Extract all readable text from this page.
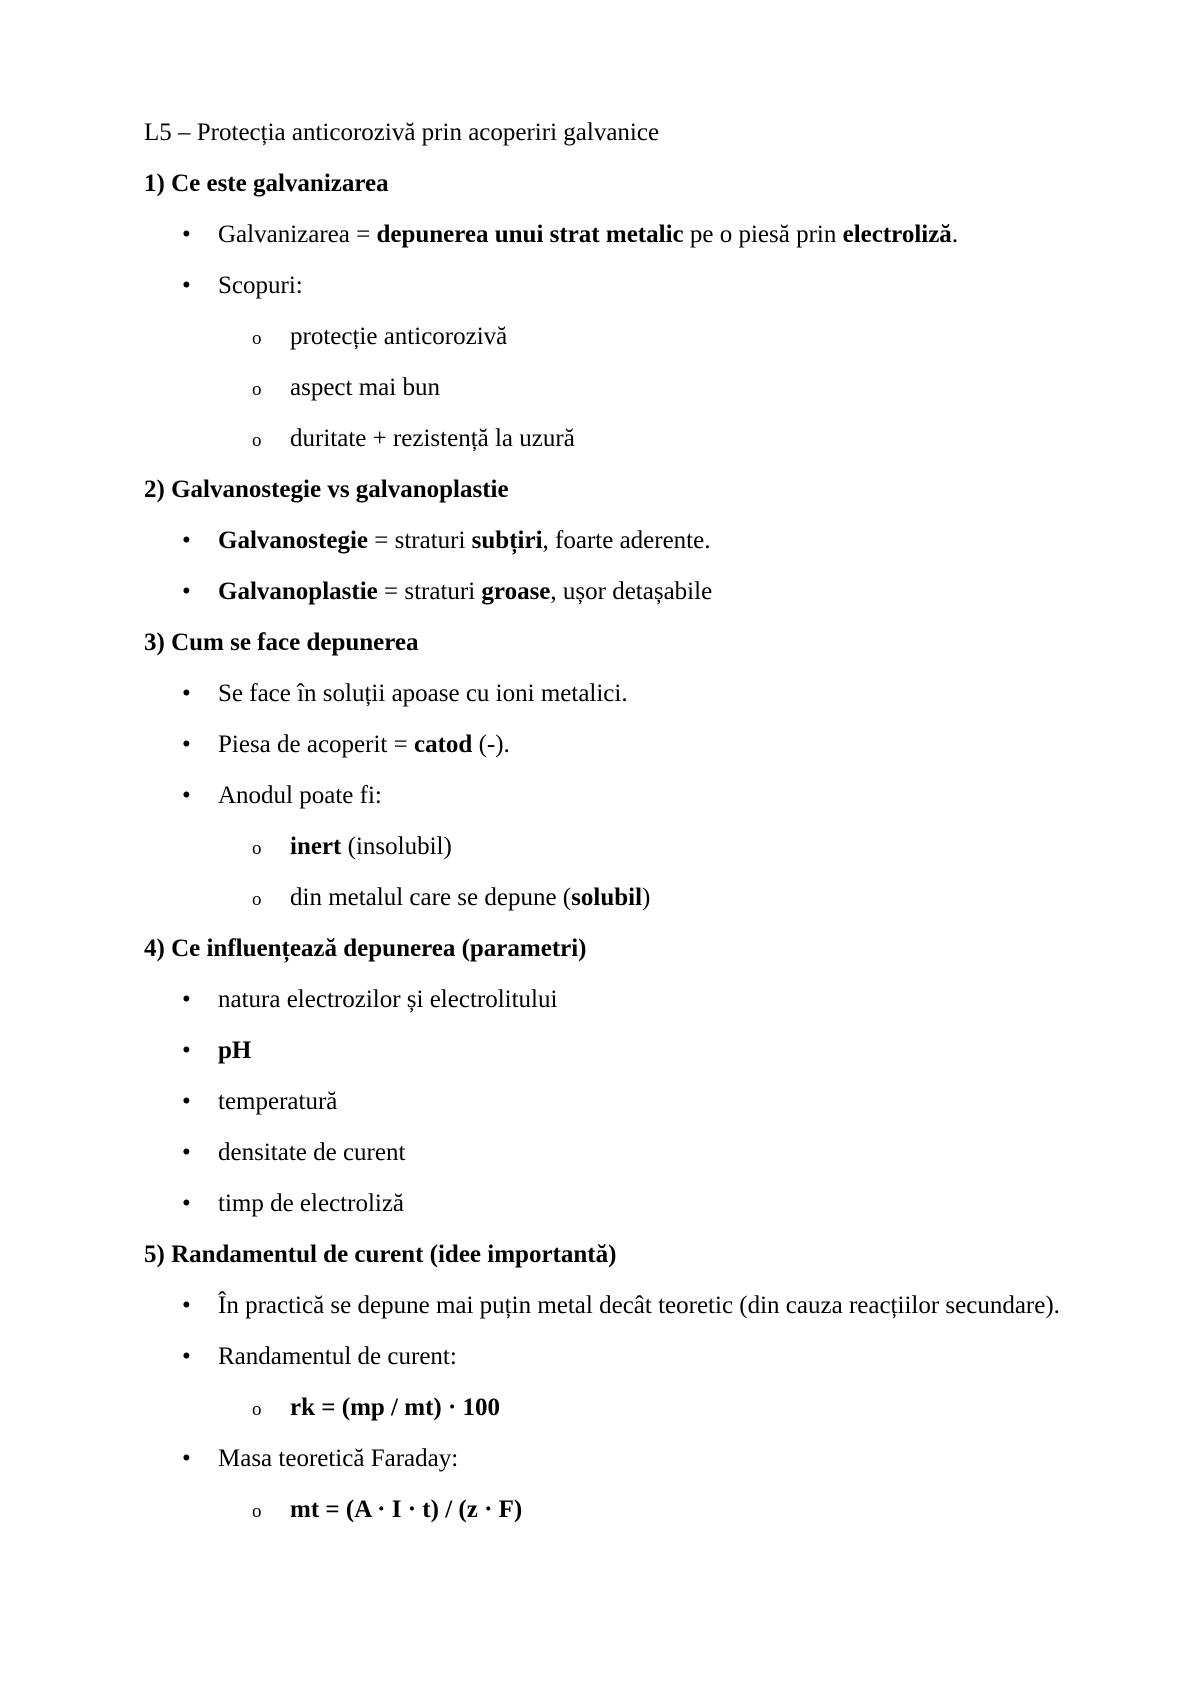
L5 – Protecția anticorozivă prin acoperiri galvanice
1) Ce este galvanizarea
• Galvanizarea = depunerea unui strat metalic pe o piesă prin electroliză.
• Scopuri:
o protecție anticorozivă
o aspect mai bun
o duritate + rezistență la uzură
2) Galvanostegie vs galvanoplastie
• Galvanostegie = straturi subțiri, foarte aderente.
• Galvanoplastie = straturi groase, ușor detașabile
3) Cum se face depunerea
• Se face în soluții apoase cu ioni metalici.
• Piesa de acoperit = catod (-).
• Anodul poate fi:
o inert (insolubil)
o din metalul care se depune (solubil)
4) Ce influențează depunerea (parametri)
• natura electrozilor și electrolitului
• pH
• temperatură
• densitate de curent
• timp de electroliză
5) Randamentul de curent (idee importantă)
• În practică se depune mai puțin metal decât teoretic (din cauza reacțiilor secundare).
• Randamentul de curent:
o rk = (mp / mt) · 100
• Masa teoretică Faraday:
o mt = (A · I · t) / (z · F)
